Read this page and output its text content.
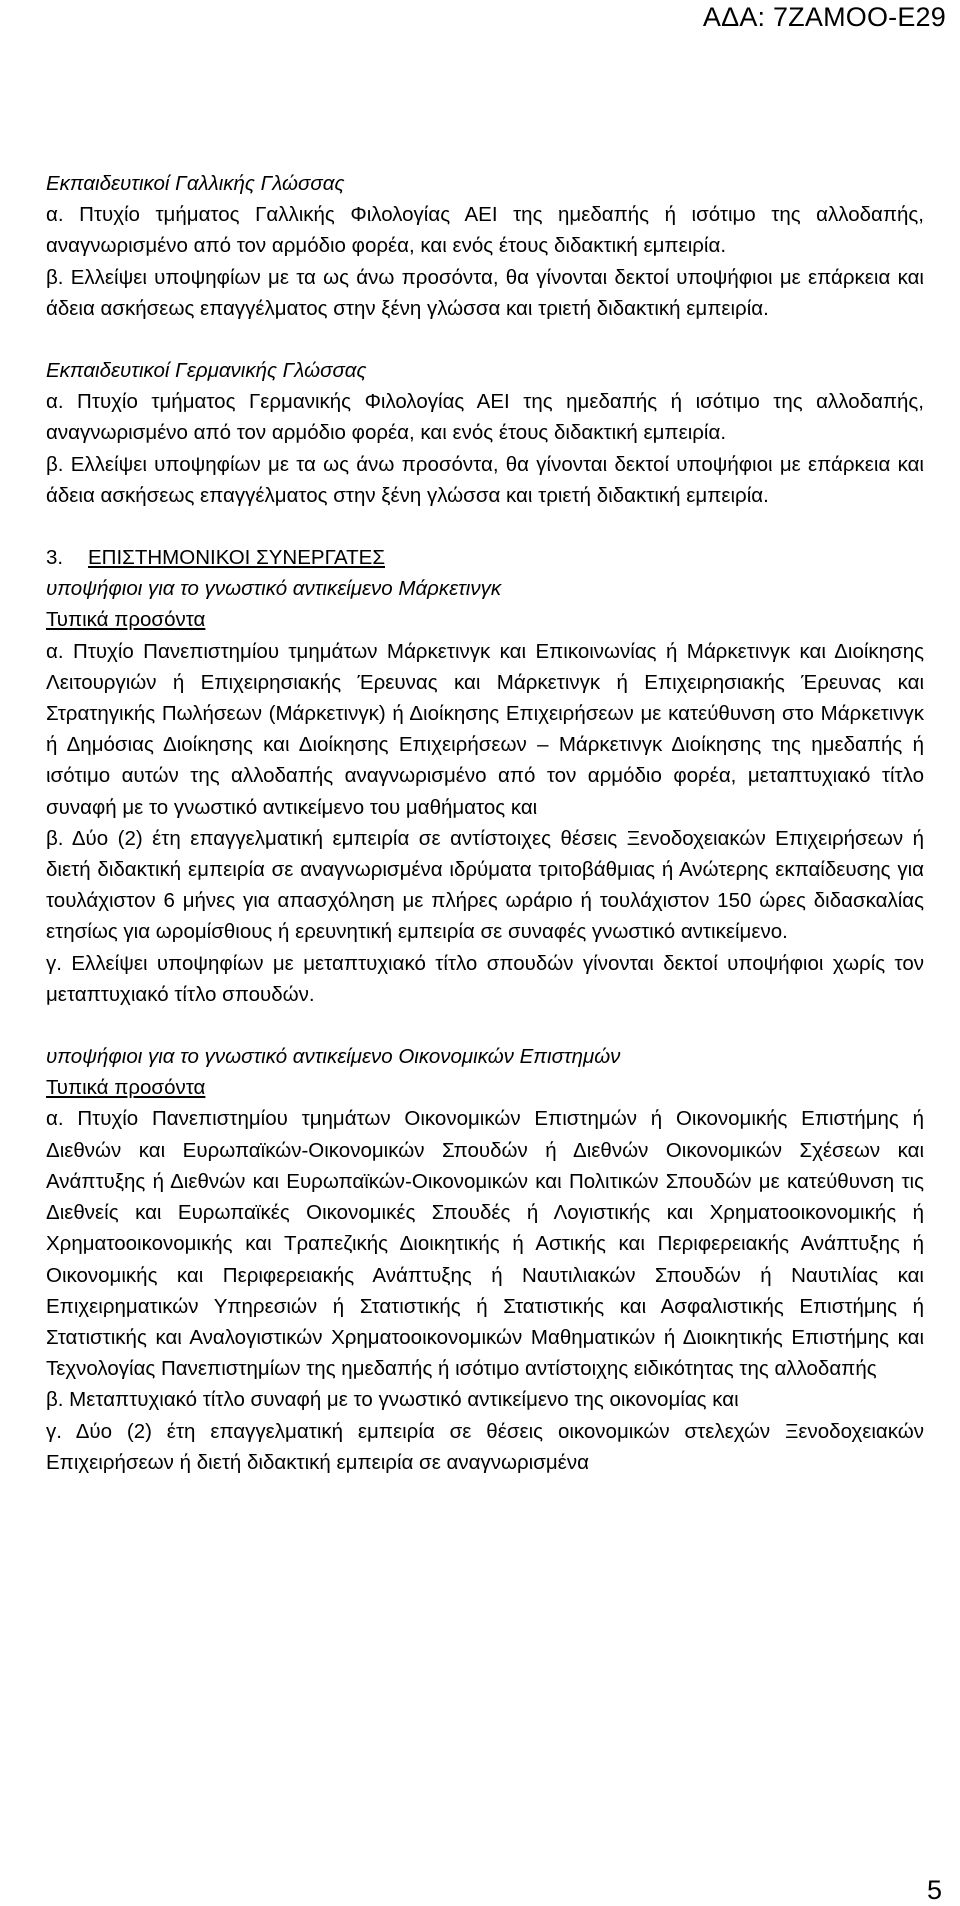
ΑΔΑ: 7ΖΑΜΟΟ-Ε29

Εκπαιδευτικοί Γαλλικής Γλώσσας

α. Πτυχίο τμήματος Γαλλικής Φιλολογίας ΑΕΙ της ημεδαπής ή ισότιμο της αλλοδαπής, αναγνωρισμένο από τον αρμόδιο φορέα, και ενός έτους διδακτική εμπειρία.

β. Ελλείψει υποψηφίων με τα ως άνω προσόντα, θα γίνονται δεκτοί υποψήφιοι με επάρκεια και άδεια ασκήσεως επαγγέλματος στην ξένη γλώσσα και τριετή διδακτική εμπειρία.

Εκπαιδευτικοί Γερμανικής Γλώσσας

α. Πτυχίο τμήματος Γερμανικής Φιλολογίας ΑΕΙ της ημεδαπής ή ισότιμο της αλλοδαπής, αναγνωρισμένο από τον αρμόδιο φορέα, και ενός έτους διδακτική εμπειρία.

β. Ελλείψει υποψηφίων με τα ως άνω προσόντα, θα γίνονται δεκτοί υποψήφιοι με επάρκεια και άδεια ασκήσεως επαγγέλματος στην ξένη γλώσσα και τριετή διδακτική εμπειρία.

3.	ΕΠΙΣΤΗΜΟΝΙΚΟΙ ΣΥΝΕΡΓΑΤΕΣ

υποψήφιοι για το γνωστικό αντικείμενο Μάρκετινγκ

Τυπικά προσόντα

α. Πτυχίο Πανεπιστημίου τμημάτων Μάρκετινγκ και Επικοινωνίας ή Μάρκετινγκ και Διοίκησης Λειτουργιών ή Επιχειρησιακής Έρευνας και Μάρκετινγκ ή Επιχειρησιακής Έρευνας και Στρατηγικής Πωλήσεων (Μάρκετινγκ) ή Διοίκησης Επιχειρήσεων με κατεύθυνση στο Μάρκετινγκ ή Δημόσιας Διοίκησης και Διοίκησης Επιχειρήσεων – Μάρκετινγκ Διοίκησης της ημεδαπής ή ισότιμο αυτών της αλλοδαπής αναγνωρισμένο από τον αρμόδιο φορέα, μεταπτυχιακό τίτλο συναφή με το γνωστικό αντικείμενο του μαθήματος και

β. Δύο (2) έτη επαγγελματική εμπειρία σε αντίστοιχες θέσεις Ξενοδοχειακών Επιχειρήσεων ή διετή διδακτική εμπειρία σε αναγνωρισμένα ιδρύματα τριτοβάθμιας ή Ανώτερης εκπαίδευσης για τουλάχιστον 6 μήνες για απασχόληση με πλήρες ωράριο ή τουλάχιστον 150 ώρες διδασκαλίας ετησίως για ωρομίσθιους ή ερευνητική εμπειρία σε συναφές γνωστικό αντικείμενο.

γ. Ελλείψει υποψηφίων με μεταπτυχιακό τίτλο σπουδών γίνονται δεκτοί υποψήφιοι χωρίς τον μεταπτυχιακό τίτλο σπουδών.

υποψήφιοι για το γνωστικό αντικείμενο Οικονομικών Επιστημών

Τυπικά προσόντα

α. Πτυχίο Πανεπιστημίου τμημάτων Οικονομικών Επιστημών ή Οικονομικής Επιστήμης ή Διεθνών και Ευρωπαϊκών-Οικονομικών Σπουδών ή Διεθνών Οικονομικών Σχέσεων και Ανάπτυξης ή Διεθνών και Ευρωπαϊκών-Οικονομικών και Πολιτικών Σπουδών με κατεύθυνση τις Διεθνείς και Ευρωπαϊκές Οικονομικές Σπουδές ή Λογιστικής και Χρηματοοικονομικής ή Χρηματοοικονομικής και Τραπεζικής Διοικητικής ή Αστικής και Περιφερειακής Ανάπτυξης ή Οικονομικής και Περιφερειακής Ανάπτυξης ή Ναυτιλιακών Σπουδών ή Ναυτιλίας και Επιχειρηματικών Υπηρεσιών ή Στατιστικής ή Στατιστικής και Ασφαλιστικής Επιστήμης ή Στατιστικής και Αναλογιστικών Χρηματοοικονομικών Μαθηματικών ή Διοικητικής Επιστήμης και Τεχνολογίας Πανεπιστημίων της ημεδαπής ή ισότιμο αντίστοιχης ειδικότητας της αλλοδαπής

β. Μεταπτυχιακό τίτλο συναφή με το γνωστικό αντικείμενο της οικονομίας και

γ. Δύο (2) έτη επαγγελματική εμπειρία σε θέσεις οικονομικών στελεχών Ξενοδοχειακών Επιχειρήσεων ή διετή διδακτική εμπειρία σε αναγνωρισμένα

5
